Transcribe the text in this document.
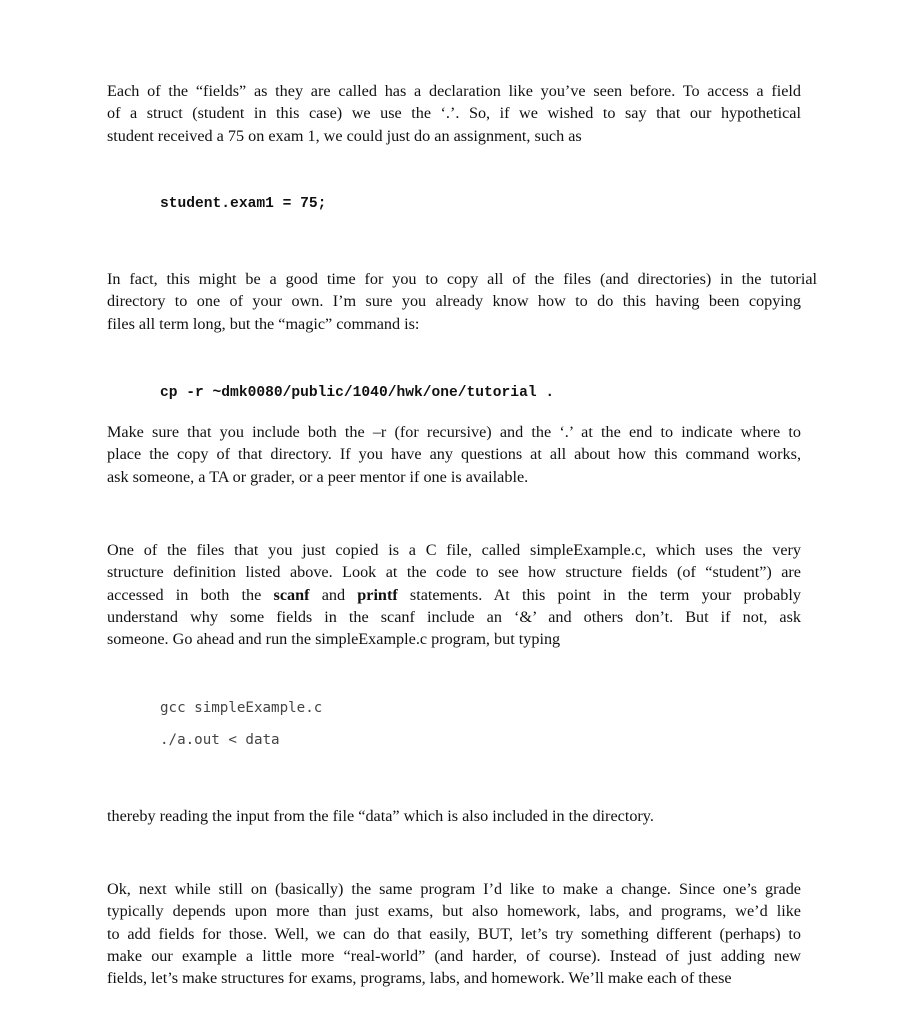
Each of the “fields” as they are called has a declaration like you’ve seen before. To access a field
of a struct (student in this case) we use the ‘.’. So, if we wished to say that our hypothetical
student received a 75 on exam 1, we could just do an assignment, such as

student.exam1 = 75;

In fact, this might be a good time for you to copy all of the files (and directories) in the tutorial
directory to one of your own. I’m sure you already know how to do this having been copying
files all term long, but the “magic” command is:

cp -r ~dmk0080/public/1040/hwk/one/tutorial .

Make sure that you include both the –r (for recursive) and the ‘.’ at the end to indicate where to
place the copy of that directory. If you have any questions at all about how this command works,
ask someone, a TA or grader, or a peer mentor if one is available.

One of the files that you just copied is a C file, called simpleExample.c, which uses the very
structure definition listed above. Look at the code to see how structure fields (of “student”) are
accessed in both the scanf and printf statements. At this point in the term your probably
understand why some fields in the scanf include an ‘&’ and others don’t. But if not, ask
someone. Go ahead and run the simpleExample.c program, but typing

gcc simpleExample.c
./a.out < data

thereby reading the input from the file “data” which is also included in the directory.

Ok, next while still on (basically) the same program I’d like to make a change. Since one’s grade
typically depends upon more than just exams, but also homework, labs, and programs, we’d like
to add fields for those. Well, we can do that easily, BUT, let’s try something different (perhaps) to
make our example a little more “real-world” (and harder, of course). Instead of just adding new
fields, let’s make structures for exams, programs, labs, and homework. We’ll make each of these
